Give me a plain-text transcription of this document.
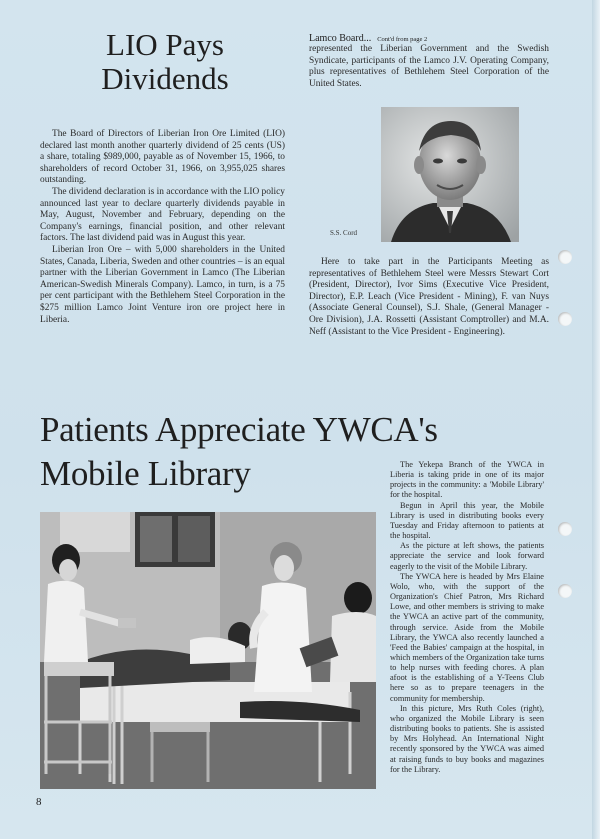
LIO Pays
Dividends

The Board of Directors of Liberian Iron Ore Limited (LIO) declared last month another quarterly dividend of 25 cents (US) a share, totaling $989,000, payable as of November 15, 1966, to shareholders of record October 31, 1966, on 3,955,025 shares outstanding.

The dividend declaration is in accordance with the LIO policy announced last year to declare quarterly dividends payable in May, August, November and February, depending on the Company's earnings, financial position, and other relevant factors. The last dividend paid was in August this year.

Liberian Iron Ore – with 5,000 shareholders in the United States, Canada, Liberia, Sweden and other countries – is an equal partner with the Liberian Government in Lamco (The Liberian American-Swedish Minerals Company). Lamco, in turn, is a 75 per cent participant with the Bethlehem Steel Corporation in the $275 million Lamco Joint Venture iron ore project here in Liberia.

Lamco Board... Cont'd from page 2

represented the Liberian Government and the Swedish Syndicate, participants of the Lamco J.V. Operating Company, plus representatives of Bethlehem Steel Corporation of the United States.

S.S. Cord

Here to take part in the Participants Meeting as representatives of Bethlehem Steel were Messrs Stewart Cort (President, Director), Ivor Sims (Executive Vice President, Director), E.P. Leach (Vice President - Mining), F. van Nuys (Associate General Counsel), S.J. Shale, (General Manager - Ore Division), J.A. Rossetti (Assistant Comptroller) and M.A. Neff (Assistant to the Vice President - Engineering).

Patients Appreciate YWCA's
Mobile Library	The Yekepa Branch of the YWCA in Liberia is taking pride in one of its major projects in the community: a 'Mobile Library' for the hospital.

Begun in April this year, the Mobile Library is used in distributing books every Tuesday and Friday afternoon to patients at the hospital.

As the picture at left shows, the patients appreciate the service and look forward eagerly to the visit of the Mobile Library.

The YWCA here is headed by Mrs Elaine Wolo, who, with the support of the Organization's Chief Patron, Mrs Richard Lowe, and other members is striving to make the YWCA an active part of the community, through service. Aside from the Mobile Library, the YWCA also recently launched a 'Feed the Babies' campaign at the hospital, in which members of the Organization take turns to help nurses with feeding chores. A plan afoot is the establishing of a Y-Teens Club here so as to prepare teenagers in the community for membership.

In this picture, Mrs Ruth Coles (right), who organized the Mobile Library is seen distributing books to patients. She is assisted by Mrs Holyhead. An International Night recently sponsored by the YWCA was aimed at raising funds to buy books and magazines for the Library.

8
